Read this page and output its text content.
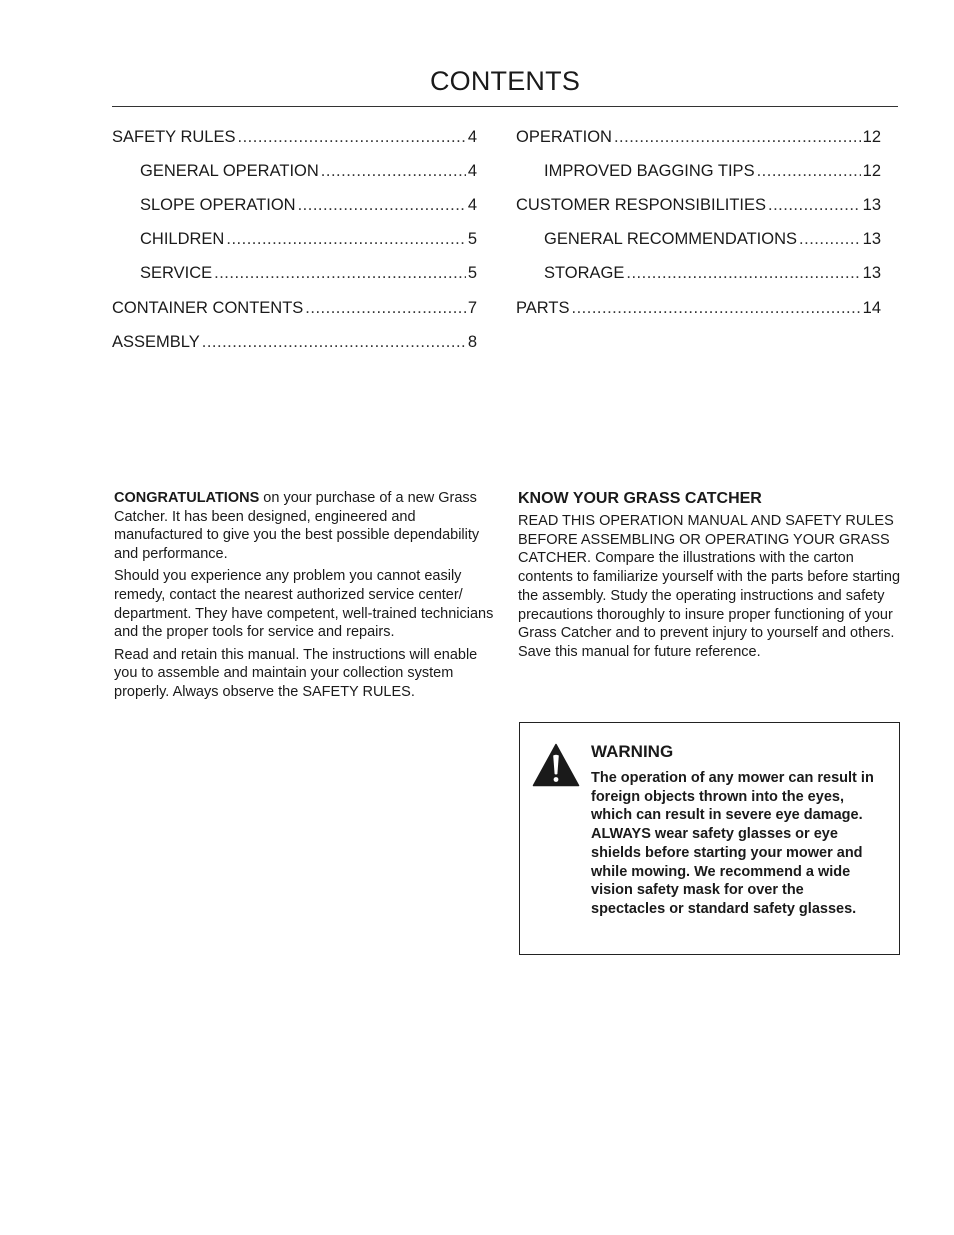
CONTENTS
SAFETY RULES .....	4
GENERAL OPERATION .....	4
SLOPE OPERATION .....	4
CHILDREN .....	5
SERVICE .....	5
CONTAINER CONTENTS .....	7
ASSEMBLY .....	8
OPERATION .....	12
IMPROVED BAGGING TIPS .....	12
CUSTOMER RESPONSIBILITIES .....	13
GENERAL RECOMMENDATIONS .....	13
STORAGE .....	13
PARTS .....	14

CONGRATULATIONS on your purchase of a new Grass Catcher. It has been designed, engineered and manufactured to give you the best possible dependability and performance.

Should you experience any problem you cannot easily remedy, contact the nearest authorized service center/ department. They have competent, well-trained technicians and the proper tools for service and repairs.

Read and retain this manual. The instructions will enable you to assemble and maintain your collection system properly. Always observe the SAFETY RULES.

KNOW YOUR GRASS CATCHER

READ THIS OPERATION MANUAL AND SAFETY RULES BEFORE ASSEMBLING OR OPERATING YOUR GRASS CATCHER. Compare the illustrations with the carton contents to familiarize yourself with the parts before starting the assembly. Study the operating instructions and safety precautions thoroughly to insure proper functioning of your Grass Catcher and to prevent injury to yourself and others. Save this manual for future reference.

WARNING
The operation of any mower can result in foreign objects thrown into the eyes, which can result in severe eye damage. ALWAYS wear safety glasses or eye shields before starting your mower and while mowing. We recommend a wide vision safety mask for over the spectacles or standard safety glasses.
